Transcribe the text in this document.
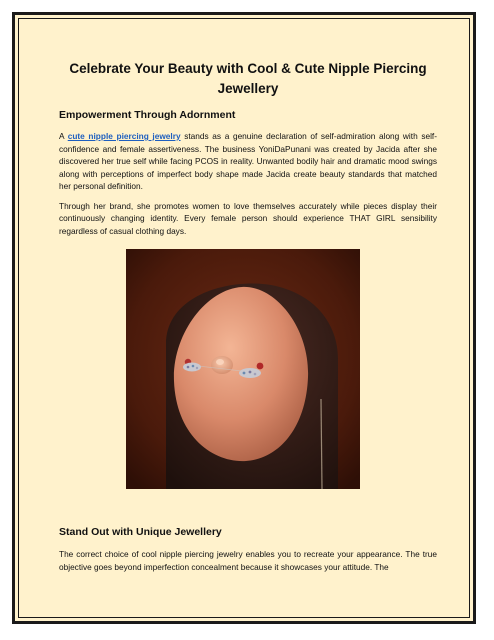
Celebrate Your Beauty with Cool & Cute Nipple Piercing Jewellery
Empowerment Through Adornment

A cute nipple piercing jewelry stands as a genuine declaration of self-admiration along with self-confidence and female assertiveness. The business YoniDaPunani was created by Jacida after she discovered her true self while facing PCOS in reality. Unwanted bodily hair and dramatic mood swings along with perceptions of imperfect body shape made Jacida create beauty standards that matched her personal definition.

Through her brand, she promotes women to love themselves accurately while pieces display their continuously changing identity. Every female person should experience THAT GIRL sensibility regardless of casual clothing days.

Stand Out with Unique Jewellery

The correct choice of cool nipple piercing jewelry enables you to recreate your appearance. The true objective goes beyond imperfection concealment because it showcases your attitude. The
